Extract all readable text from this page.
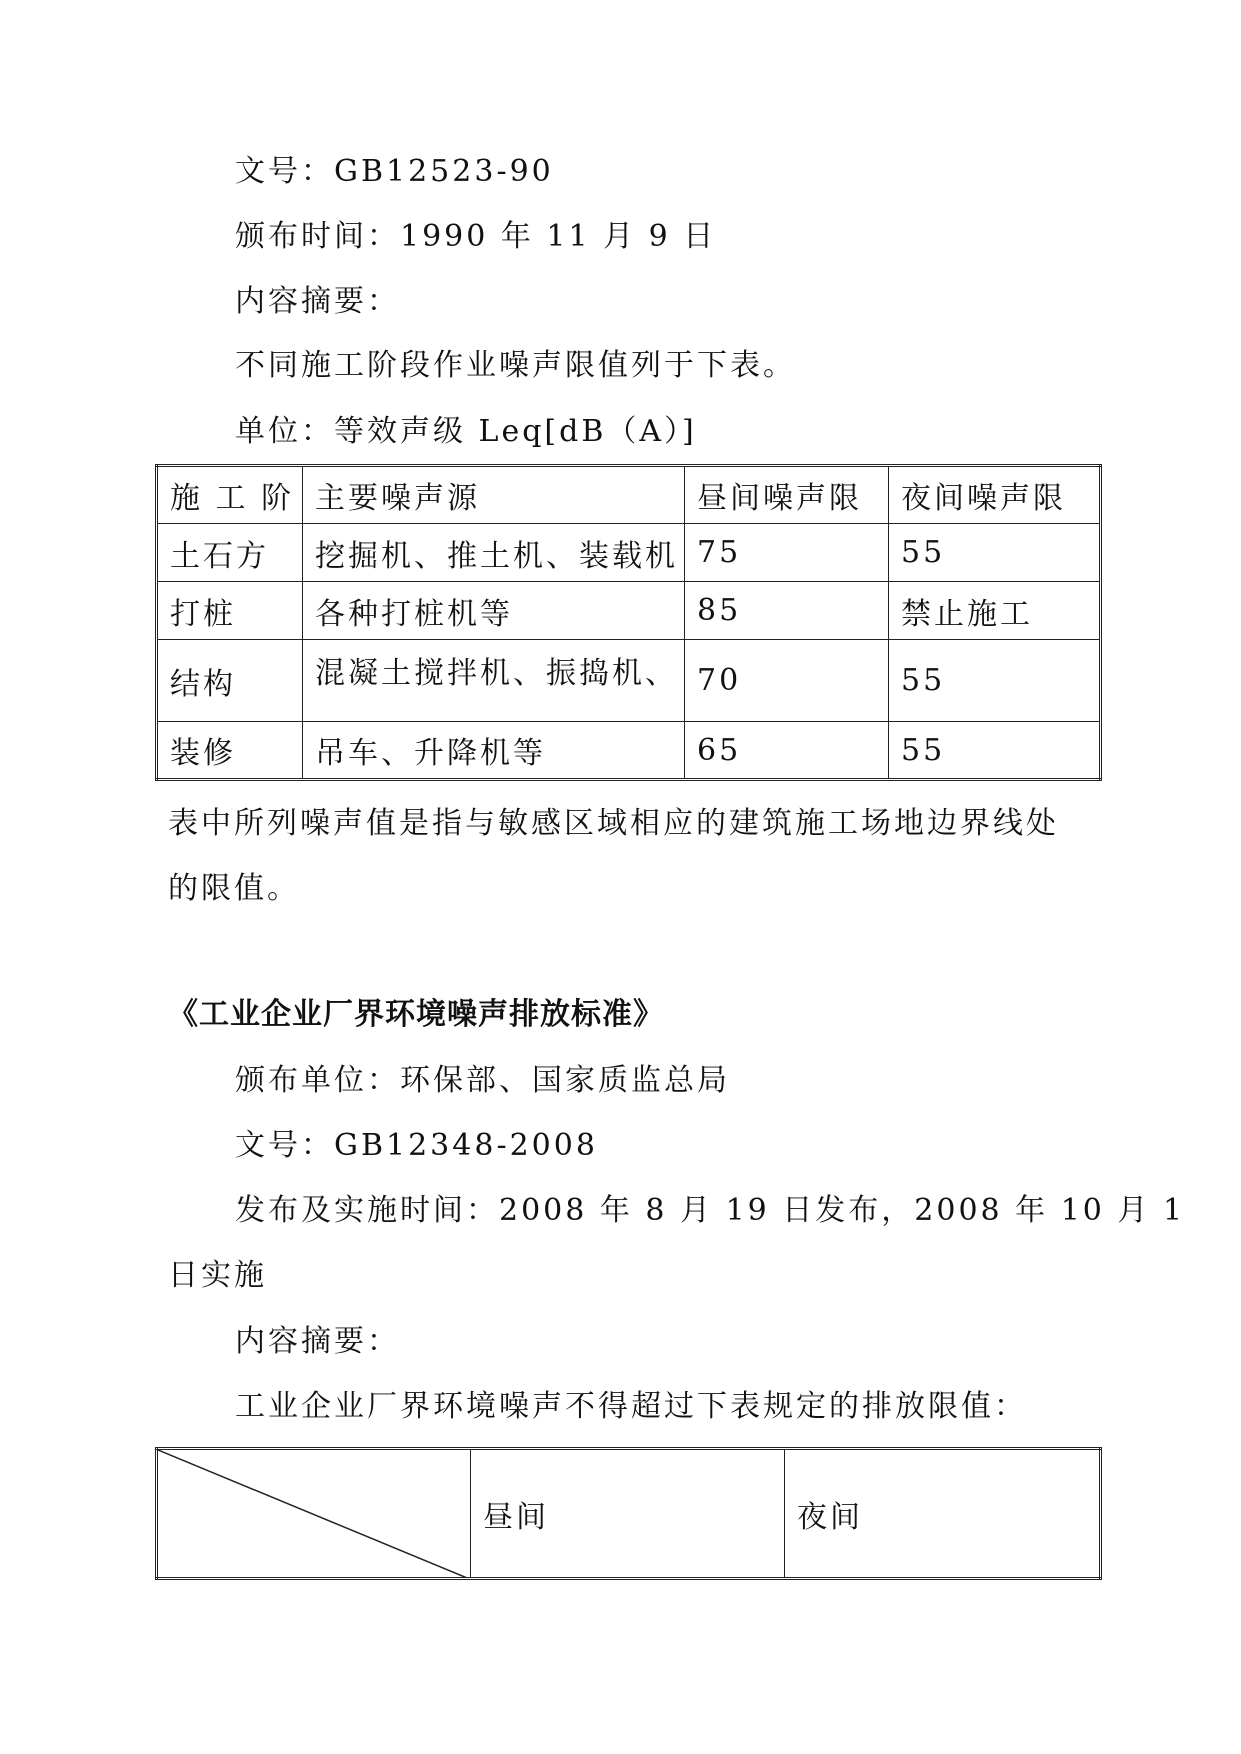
文号：GB12523-90
颁布时间：1990 年 11 月 9 日
内容摘要：
不同施工阶段作业噪声限值列于下表。
单位：等效声级 Leq[dB（A）]
施 工 阶	主要噪声源	昼间噪声限	夜间噪声限
土石方	挖掘机、推土机、装载机	75	55
打桩	各种打桩机等	85	禁止施工
结构	混凝土搅拌机、振捣机、	70	55
装修	吊车、升降机等	65	55
表中所列噪声值是指与敏感区域相应的建筑施工场地边界线处
的限值。
《工业企业厂界环境噪声排放标准》
颁布单位：环保部、国家质监总局
文号：GB12348-2008
发布及实施时间：2008 年 8 月 19 日发布，2008 年 10 月 1
日实施
内容摘要：
工业企业厂界环境噪声不得超过下表规定的排放限值：
	昼间	夜间
